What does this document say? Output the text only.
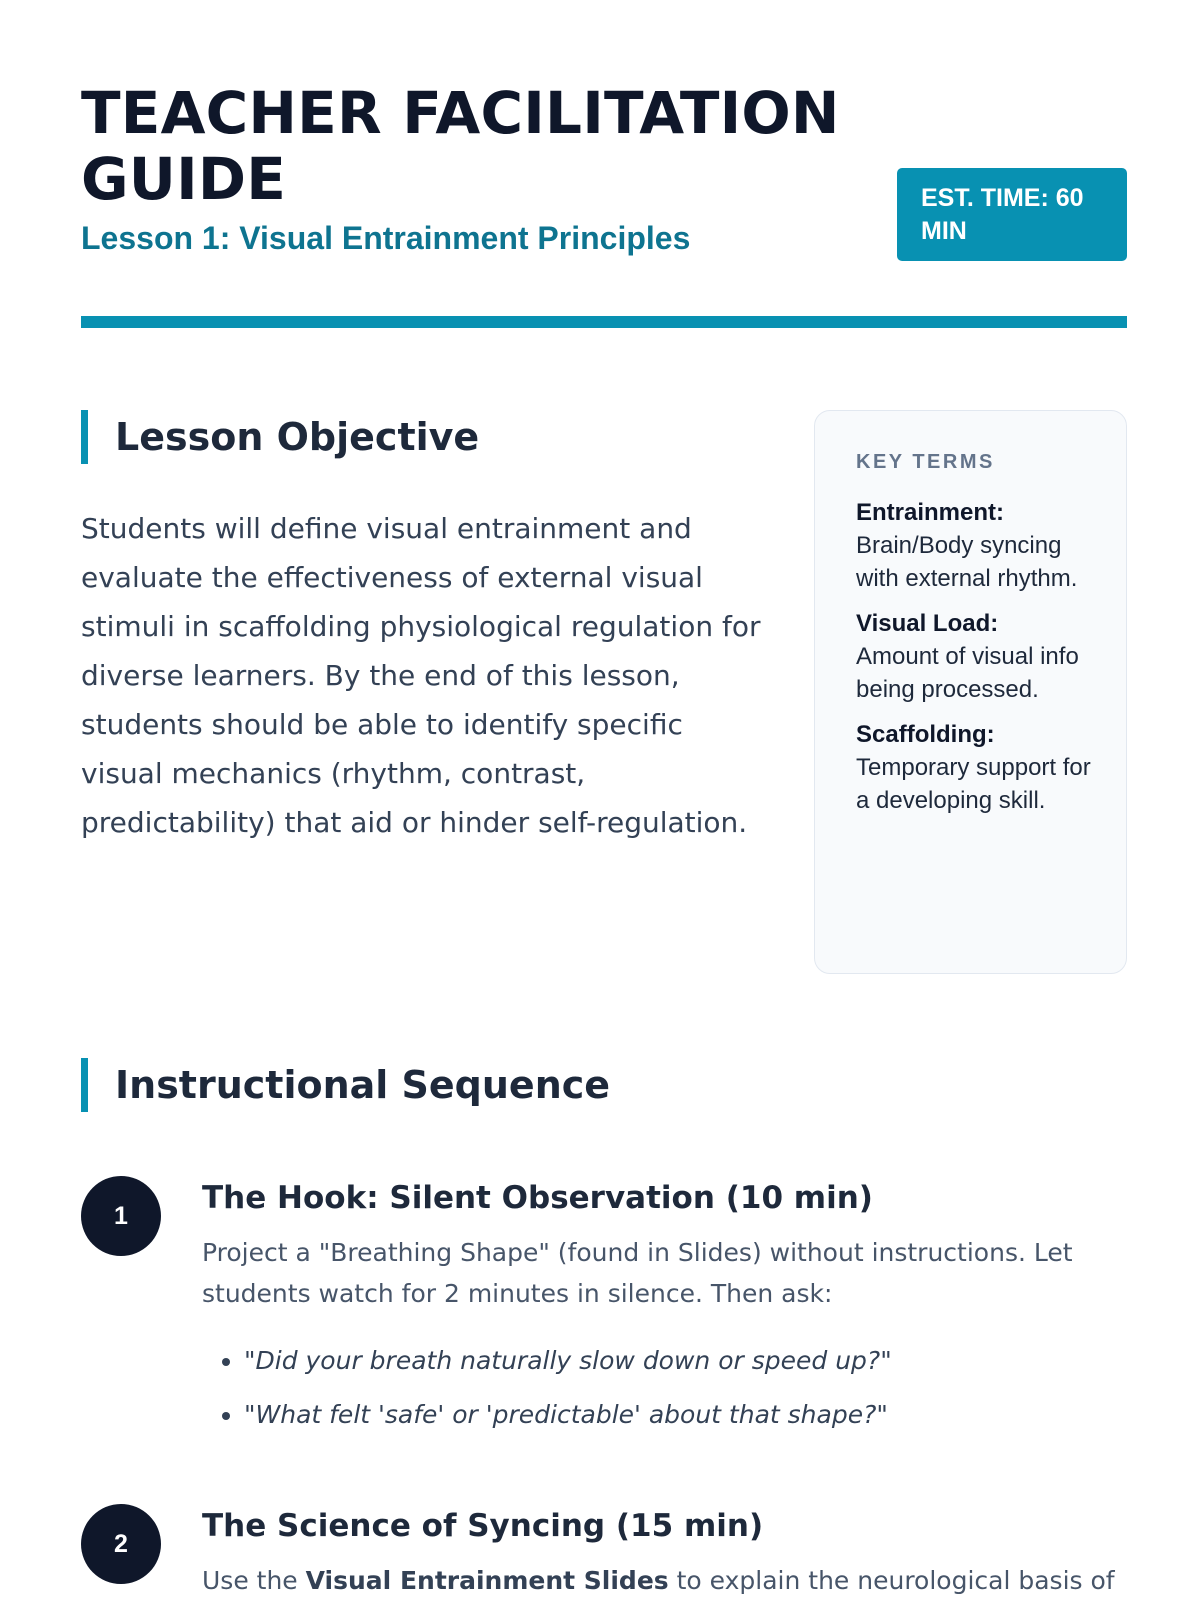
TEACHER FACILITATION GUIDE
Lesson 1: Visual Entrainment Principles
EST. TIME: 60 MIN
Lesson Objective

Students will define visual entrainment and evaluate the effectiveness of external visual stimuli in scaffolding physiological regulation for diverse learners. By the end of this lesson, students should be able to identify specific visual mechanics (rhythm, contrast, predictability) that aid or hinder self-regulation.

KEY TERMS

Entrainment:
Brain/Body syncing with external rhythm.

Visual Load:
Amount of visual info being processed.

Scaffolding:
Temporary support for a developing skill.

Instructional Sequence
1	The Hook: Silent Observation (10 min)

Project a "Breathing Shape" (found in Slides) without instructions. Let students watch for 2 minutes in silence. Then ask:

• "Did your breath naturally slow down or speed up?"
• "What felt 'safe' or 'predictable' about that shape?"
2	The Science of Syncing (15 min)

Use the Visual Entrainment Slides to explain the neurological basis of
